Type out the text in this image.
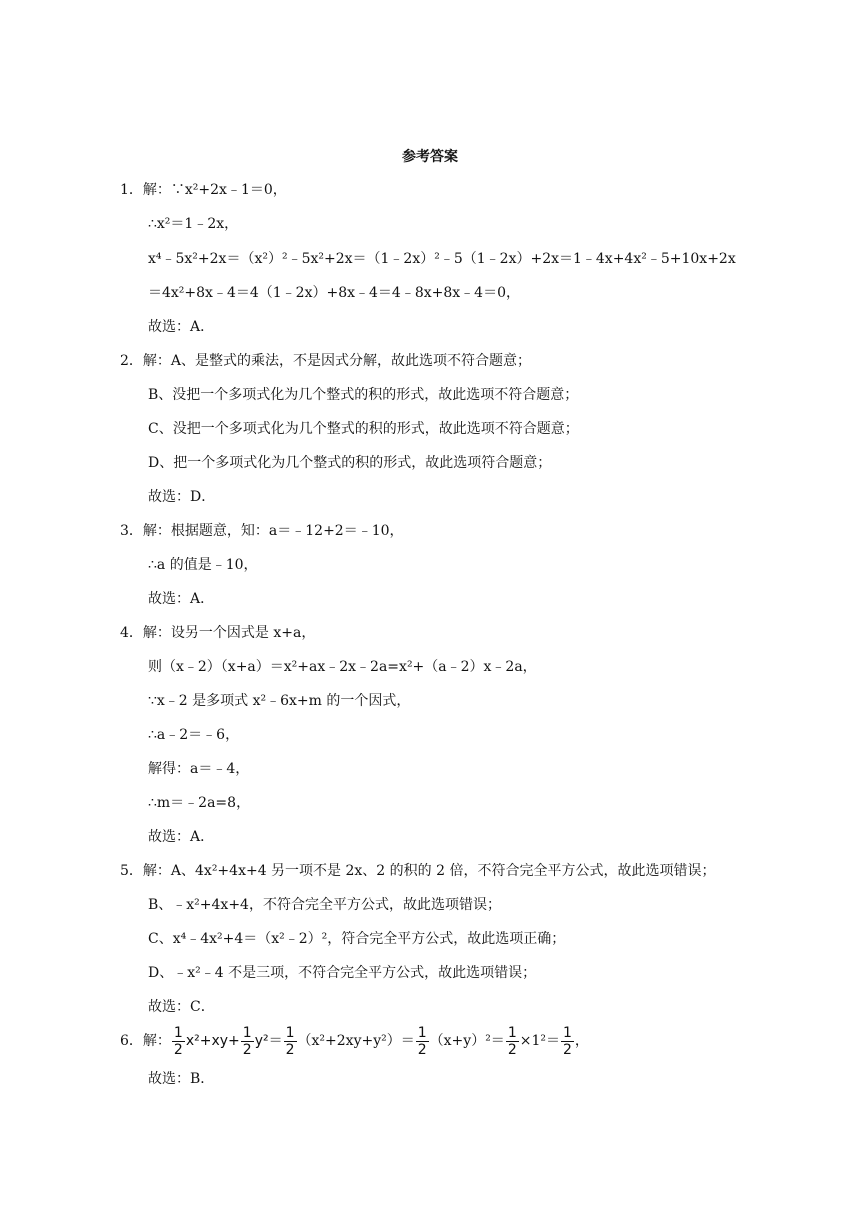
参考答案
1．解：∵x²+2x﹣1＝0，
∴x²＝1﹣2x，
x⁴﹣5x²+2x＝（x²）²﹣5x²+2x＝（1﹣2x）²﹣5（1﹣2x）+2x＝1﹣4x+4x²﹣5+10x+2x
＝4x²+8x﹣4＝4（1﹣2x）+8x﹣4＝4﹣8x+8x﹣4＝0，
故选：A．
2．解：A、是整式的乘法，不是因式分解，故此选项不符合题意；
B、没把一个多项式化为几个整式的积的形式，故此选项不符合题意；
C、没把一个多项式化为几个整式的积的形式，故此选项不符合题意；
D、把一个多项式化为几个整式的积的形式，故此选项符合题意；
故选：D．
3．解：根据题意，知：a＝﹣12+2＝﹣10，
∴a 的值是﹣10，
故选：A．
4．解：设另一个因式是 x+a，
则（x﹣2）（x+a）＝x²+ax﹣2x﹣2a=x²+（a﹣2）x﹣2a，
∵x﹣2 是多项式 x²﹣6x+m 的一个因式，
∴a﹣2＝﹣6，
解得：a＝﹣4，
∴m＝﹣2a=8，
故选：A．
5．解：A、4x²+4x+4 另一项不是 2x、2 的积的 2 倍，不符合完全平方公式，故此选项错误；
B、﹣x²+4x+4，不符合完全平方公式，故此选项错误；
C、x⁴﹣4x²+4＝（x²﹣2）²，符合完全平方公式，故此选项正确；
D、﹣x²﹣4 不是三项，不符合完全平方公式，故此选项错误；
故选：C．
6．解： $\frac{1}{2} x^2+xy+ \frac{1}{2} y^2= \frac{1}{2} (x^2+2xy+y^2)= \frac{1}{2} (x+y)^2= \frac{1}{2} \times 1^2= \frac{1}{2}$ ，
故选：B．
